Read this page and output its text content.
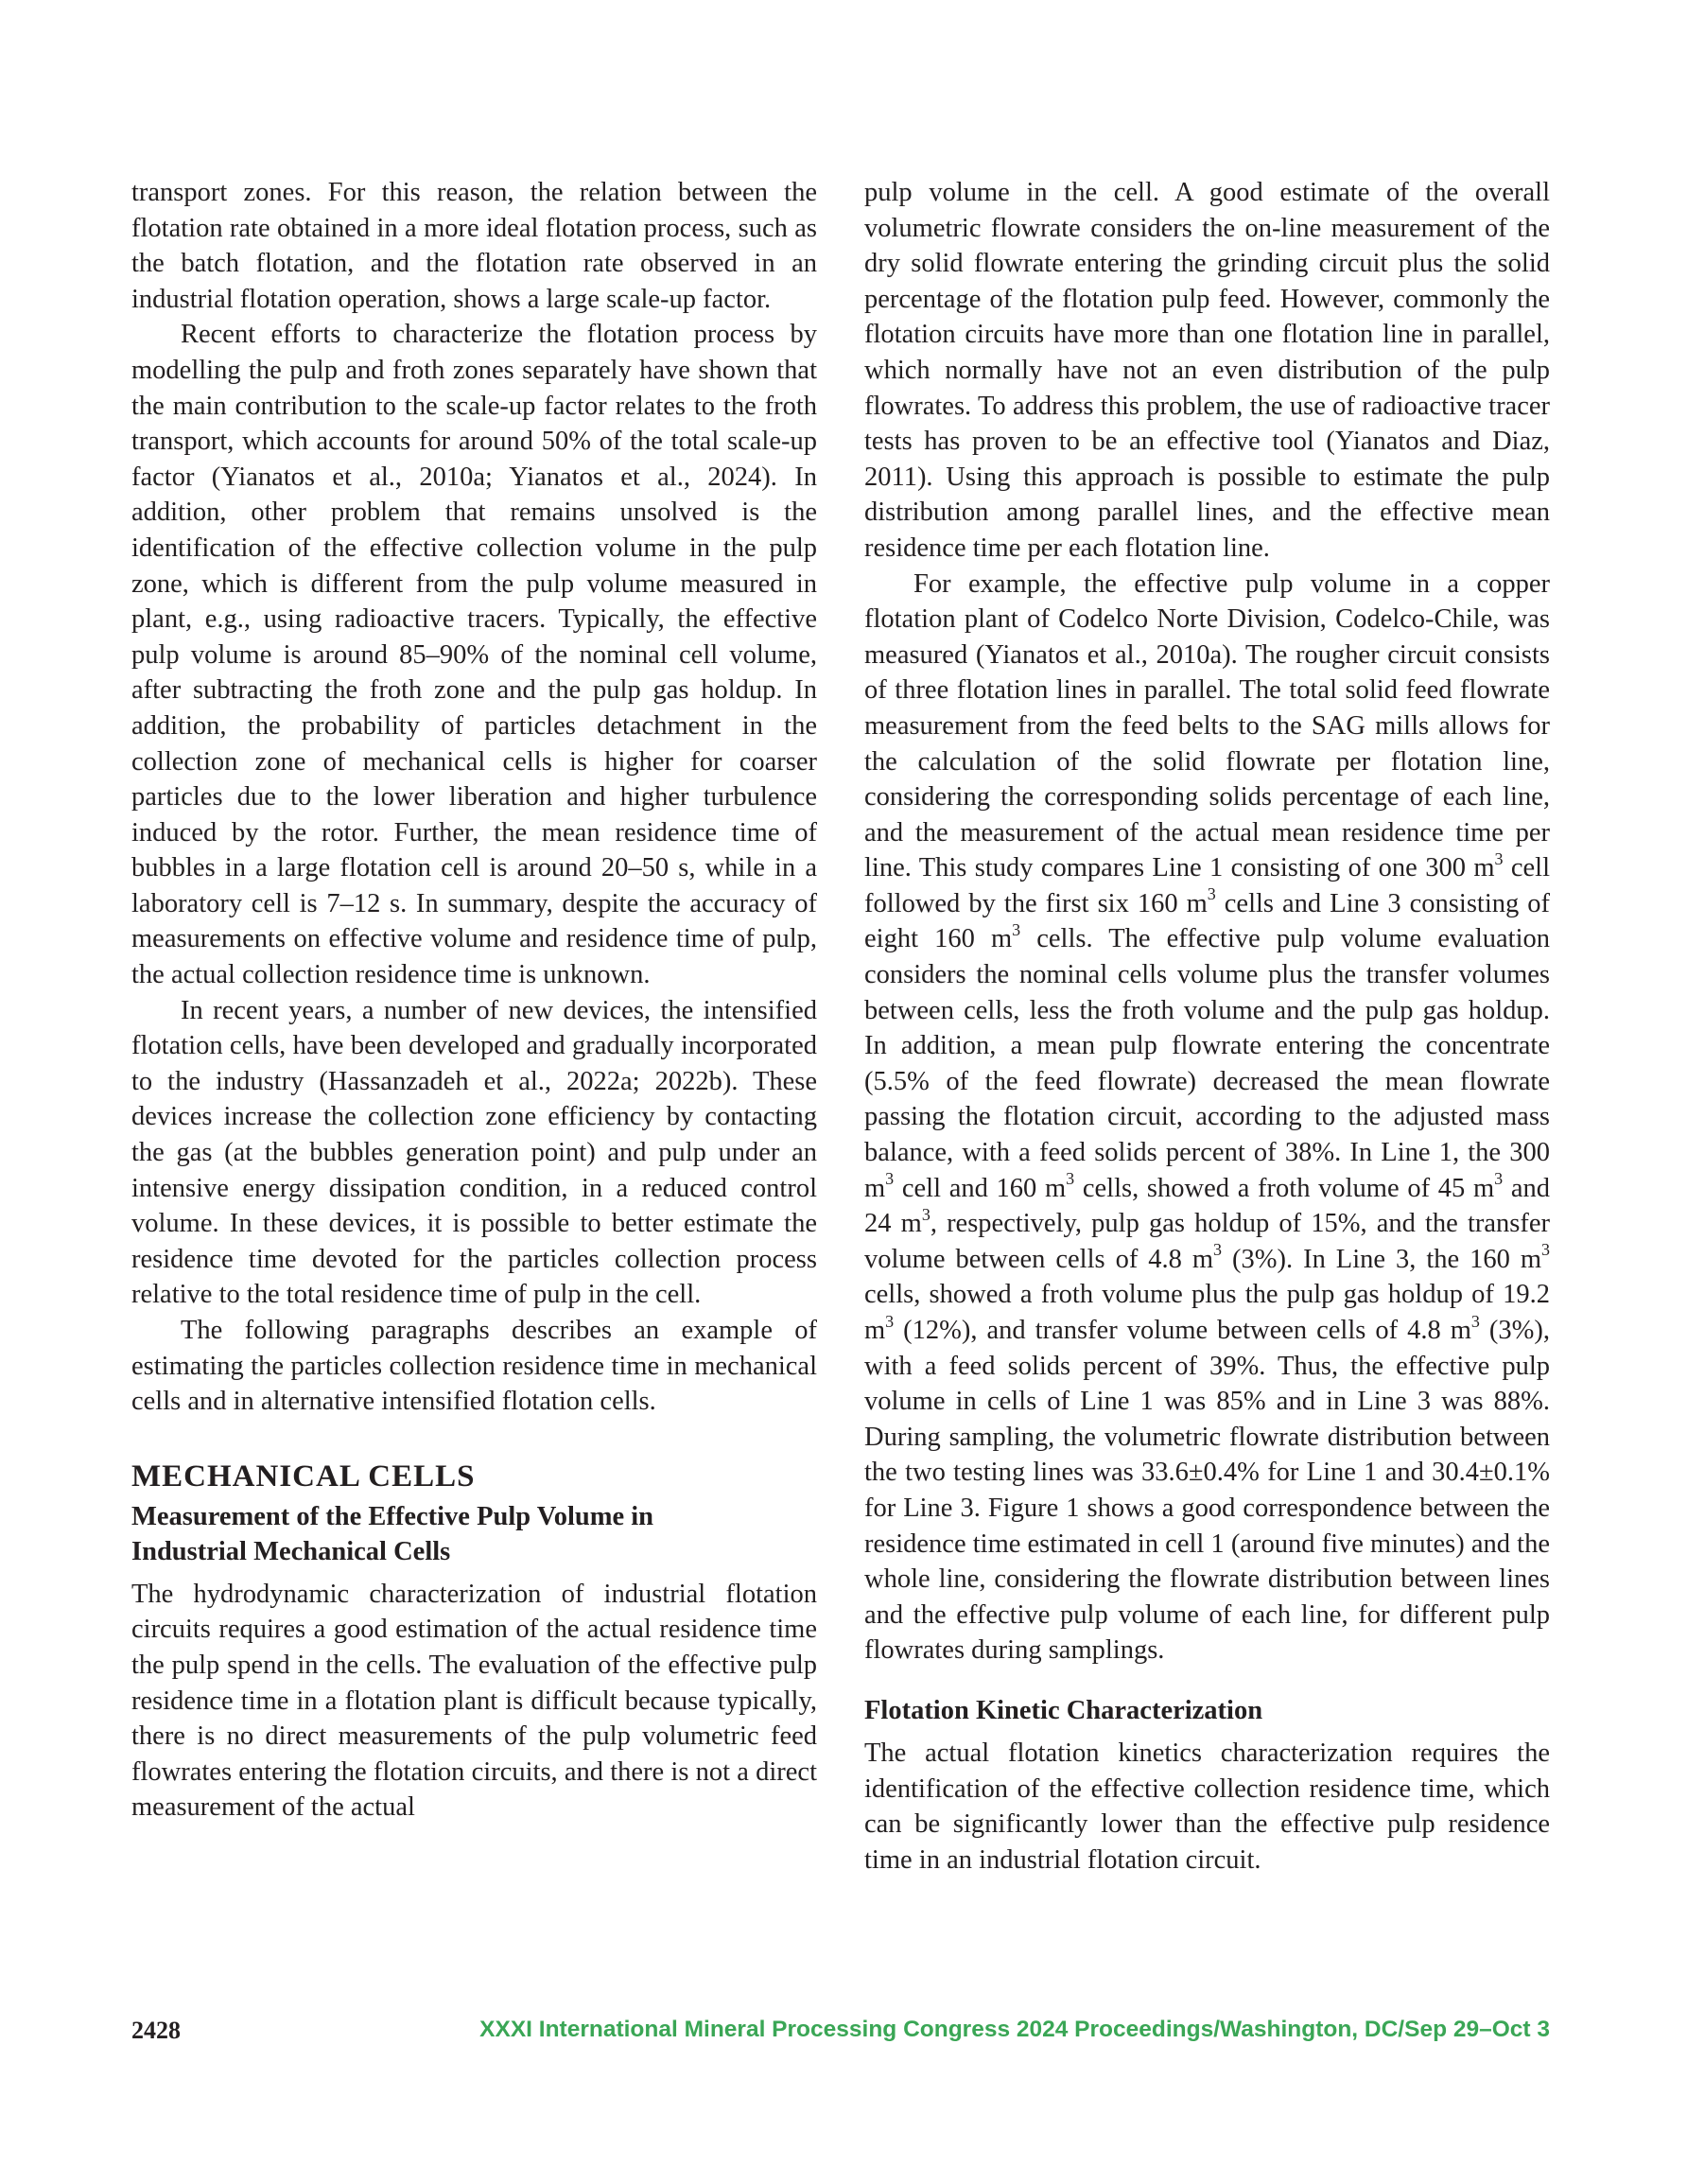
transport zones. For this reason, the relation between the flotation rate obtained in a more ideal flotation process, such as the batch flotation, and the flotation rate observed in an industrial flotation operation, shows a large scale-up factor.

Recent efforts to characterize the flotation process by modelling the pulp and froth zones separately have shown that the main contribution to the scale-up factor relates to the froth transport, which accounts for around 50% of the total scale-up factor (Yianatos et al., 2010a; Yianatos et al., 2024). In addition, other problem that remains unsolved is the identification of the effective collection volume in the pulp zone, which is different from the pulp volume measured in plant, e.g., using radioactive tracers. Typically, the effective pulp volume is around 85–90% of the nominal cell volume, after subtracting the froth zone and the pulp gas holdup. In addition, the probability of particles detachment in the collection zone of mechanical cells is higher for coarser particles due to the lower liberation and higher turbulence induced by the rotor. Further, the mean residence time of bubbles in a large flotation cell is around 20–50 s, while in a laboratory cell is 7–12 s. In summary, despite the accuracy of measurements on effective volume and residence time of pulp, the actual collection residence time is unknown.

In recent years, a number of new devices, the intensified flotation cells, have been developed and gradually incorporated to the industry (Hassanzadeh et al., 2022a; 2022b). These devices increase the collection zone efficiency by contacting the gas (at the bubbles generation point) and pulp under an intensive energy dissipation condition, in a reduced control volume. In these devices, it is possible to better estimate the residence time devoted for the particles collection process relative to the total residence time of pulp in the cell.

The following paragraphs describes an example of estimating the particles collection residence time in mechanical cells and in alternative intensified flotation cells.

MECHANICAL CELLS
Measurement of the Effective Pulp Volume in
Industrial Mechanical Cells

The hydrodynamic characterization of industrial flotation circuits requires a good estimation of the actual residence time the pulp spend in the cells. The evaluation of the effective pulp residence time in a flotation plant is difficult because typically, there is no direct measurements of the pulp volumetric feed flowrates entering the flotation circuits, and there is not a direct measurement of the actual

pulp volume in the cell. A good estimate of the overall volumetric flowrate considers the on-line measurement of the dry solid flowrate entering the grinding circuit plus the solid percentage of the flotation pulp feed. However, commonly the flotation circuits have more than one flotation line in parallel, which normally have not an even distribution of the pulp flowrates. To address this problem, the use of radioactive tracer tests has proven to be an effective tool (Yianatos and Diaz, 2011). Using this approach is possible to estimate the pulp distribution among parallel lines, and the effective mean residence time per each flotation line.

For example, the effective pulp volume in a copper flotation plant of Codelco Norte Division, Codelco-Chile, was measured (Yianatos et al., 2010a). The rougher circuit consists of three flotation lines in parallel. The total solid feed flowrate measurement from the feed belts to the SAG mills allows for the calculation of the solid flowrate per flotation line, considering the corresponding solids percentage of each line, and the measurement of the actual mean residence time per line. This study compares Line 1 consisting of one 300 $m^3$ cell followed by the first six 160 $m^3$ cells and Line 3 consisting of eight 160 $m^3$ cells. The effective pulp volume evaluation considers the nominal cells volume plus the transfer volumes between cells, less the froth volume and the pulp gas holdup. In addition, a mean pulp flowrate entering the concentrate (5.5% of the feed flowrate) decreased the mean flowrate passing the flotation circuit, according to the adjusted mass balance, with a feed solids percent of 38%. In Line 1, the 300 $m^3$ cell and 160 $m^3$ cells, showed a froth volume of 45 $m^3$ and 24 $m^3$, respectively, pulp gas holdup of 15%, and the transfer volume between cells of 4.8 $m^3$ (3%). In Line 3, the 160 $m^3$ cells, showed a froth volume plus the pulp gas holdup of 19.2 $m^3$ (12%), and transfer volume between cells of 4.8 $m^3$ (3%), with a feed solids percent of 39%. Thus, the effective pulp volume in cells of Line 1 was 85% and in Line 3 was 88%. During sampling, the volumetric flowrate distribution between the two testing lines was 33.6±0.4% for Line 1 and 30.4±0.1% for Line 3. Figure 1 shows a good correspondence between the residence time estimated in cell 1 (around five minutes) and the whole line, considering the flowrate distribution between lines and the effective pulp volume of each line, for different pulp flowrates during samplings.

Flotation Kinetic Characterization

The actual flotation kinetics characterization requires the identification of the effective collection residence time, which can be significantly lower than the effective pulp residence time in an industrial flotation circuit.

2428	XXXI International Mineral Processing Congress 2024 Proceedings/Washington, DC/Sep 29–Oct 3
